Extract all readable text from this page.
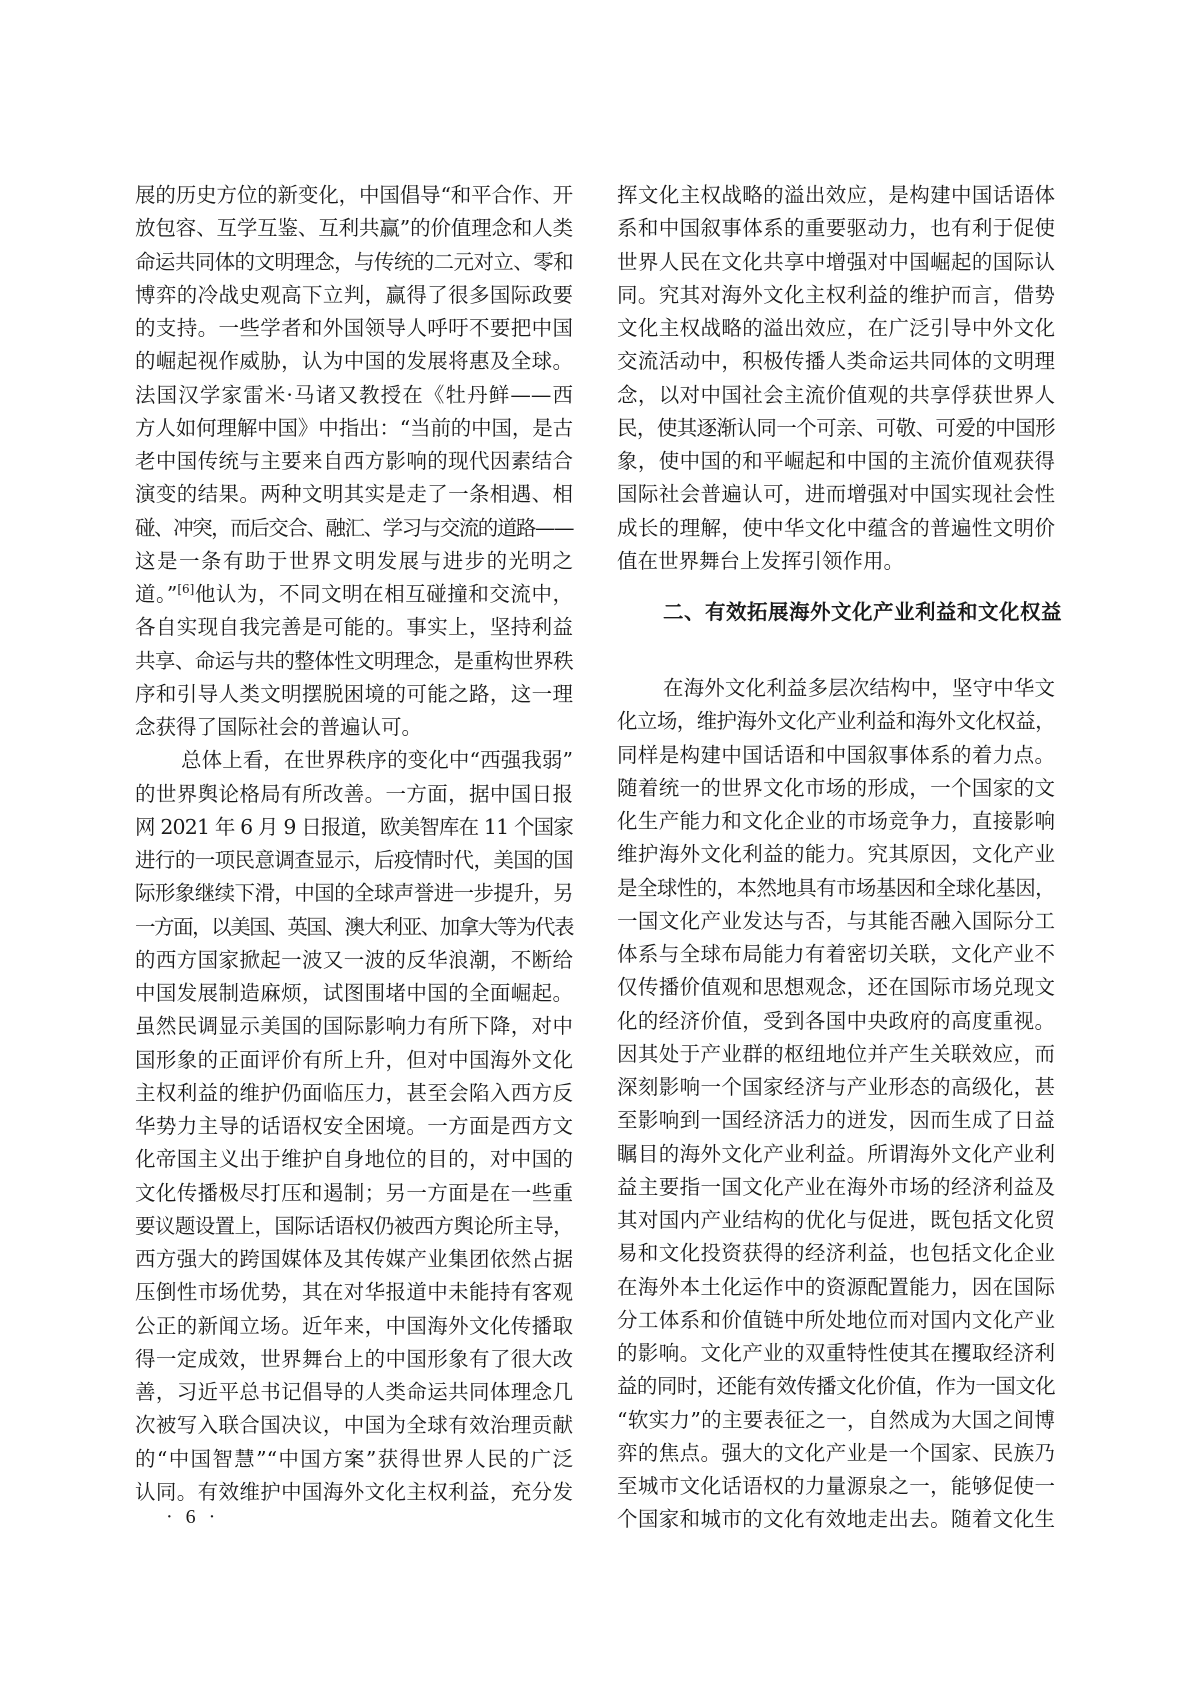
展的历史方位的新变化，中国倡导“和平合作、开
放包容、互学互鉴、互利共赢”的价值理念和人类
命运共同体的文明理念，与传统的二元对立、零和
博弈的冷战史观高下立判，赢得了很多国际政要
的支持。一些学者和外国领导人呼吁不要把中国
的崛起视作威胁，认为中国的发展将惠及全球。
法国汉学家雷米·马诸又教授在《牡丹鲜——西
方人如何理解中国》中指出：“当前的中国，是古
老中国传统与主要来自西方影响的现代因素结合
演变的结果。两种文明其实是走了一条相遇、相
碰、冲突，而后交合、融汇、学习与交流的道路——
这是一条有助于世界文明发展与进步的光明之
道。”[6]他认为，不同文明在相互碰撞和交流中，
各自实现自我完善是可能的。事实上，坚持利益
共享、命运与共的整体性文明理念，是重构世界秩
序和引导人类文明摆脱困境的可能之路，这一理
念获得了国际社会的普遍认可。
总体上看，在世界秩序的变化中“西强我弱”
的世界舆论格局有所改善。一方面，据中国日报
网 2021 年 6 月 9 日报道，欧美智库在 11 个国家
进行的一项民意调查显示，后疫情时代，美国的国
际形象继续下滑，中国的全球声誉进一步提升，另
一方面，以美国、英国、澳大利亚、加拿大等为代表
的西方国家掀起一波又一波的反华浪潮，不断给
中国发展制造麻烦，试图围堵中国的全面崛起。
虽然民调显示美国的国际影响力有所下降，对中
国形象的正面评价有所上升，但对中国海外文化
主权利益的维护仍面临压力，甚至会陷入西方反
华势力主导的话语权安全困境。一方面是西方文
化帝国主义出于维护自身地位的目的，对中国的
文化传播极尽打压和遏制；另一方面是在一些重
要议题设置上，国际话语权仍被西方舆论所主导，
西方强大的跨国媒体及其传媒产业集团依然占据
压倒性市场优势，其在对华报道中未能持有客观
公正的新闻立场。近年来，中国海外文化传播取
得一定成效，世界舞台上的中国形象有了很大改
善，习近平总书记倡导的人类命运共同体理念几
次被写入联合国决议，中国为全球有效治理贡献
的“中国智慧”“中国方案”获得世界人民的广泛
认同。有效维护中国海外文化主权利益，充分发
挥文化主权战略的溢出效应，是构建中国话语体
系和中国叙事体系的重要驱动力，也有利于促使
世界人民在文化共享中增强对中国崛起的国际认
同。究其对海外文化主权利益的维护而言，借势
文化主权战略的溢出效应，在广泛引导中外文化
交流活动中，积极传播人类命运共同体的文明理
念，以对中国社会主流价值观的共享俘获世界人
民，使其逐渐认同一个可亲、可敬、可爱的中国形
象，使中国的和平崛起和中国的主流价值观获得
国际社会普遍认可，进而增强对中国实现社会性
成长的理解，使中华文化中蕴含的普遍性文明价
值在世界舞台上发挥引领作用。
二、有效拓展海外文化产业利益和文化权益
在海外文化利益多层次结构中，坚守中华文
化立场，维护海外文化产业利益和海外文化权益，
同样是构建中国话语和中国叙事体系的着力点。
随着统一的世界文化市场的形成，一个国家的文
化生产能力和文化企业的市场竞争力，直接影响
维护海外文化利益的能力。究其原因，文化产业
是全球性的，本然地具有市场基因和全球化基因，
一国文化产业发达与否，与其能否融入国际分工
体系与全球布局能力有着密切关联，文化产业不
仅传播价值观和思想观念，还在国际市场兑现文
化的经济价值，受到各国中央政府的高度重视。
因其处于产业群的枢纽地位并产生关联效应，而
深刻影响一个国家经济与产业形态的高级化，甚
至影响到一国经济活力的迸发，因而生成了日益
瞩目的海外文化产业利益。所谓海外文化产业利
益主要指一国文化产业在海外市场的经济利益及
其对国内产业结构的优化与促进，既包括文化贸
易和文化投资获得的经济利益，也包括文化企业
在海外本土化运作中的资源配置能力，因在国际
分工体系和价值链中所处地位而对国内文化产业
的影响。文化产业的双重特性使其在攫取经济利
益的同时，还能有效传播文化价值，作为一国文化
“软实力”的主要表征之一，自然成为大国之间博
弈的焦点。强大的文化产业是一个国家、民族乃
至城市文化话语权的力量源泉之一，能够促使一
个国家和城市的文化有效地走出去。随着文化生
· 6 ·
